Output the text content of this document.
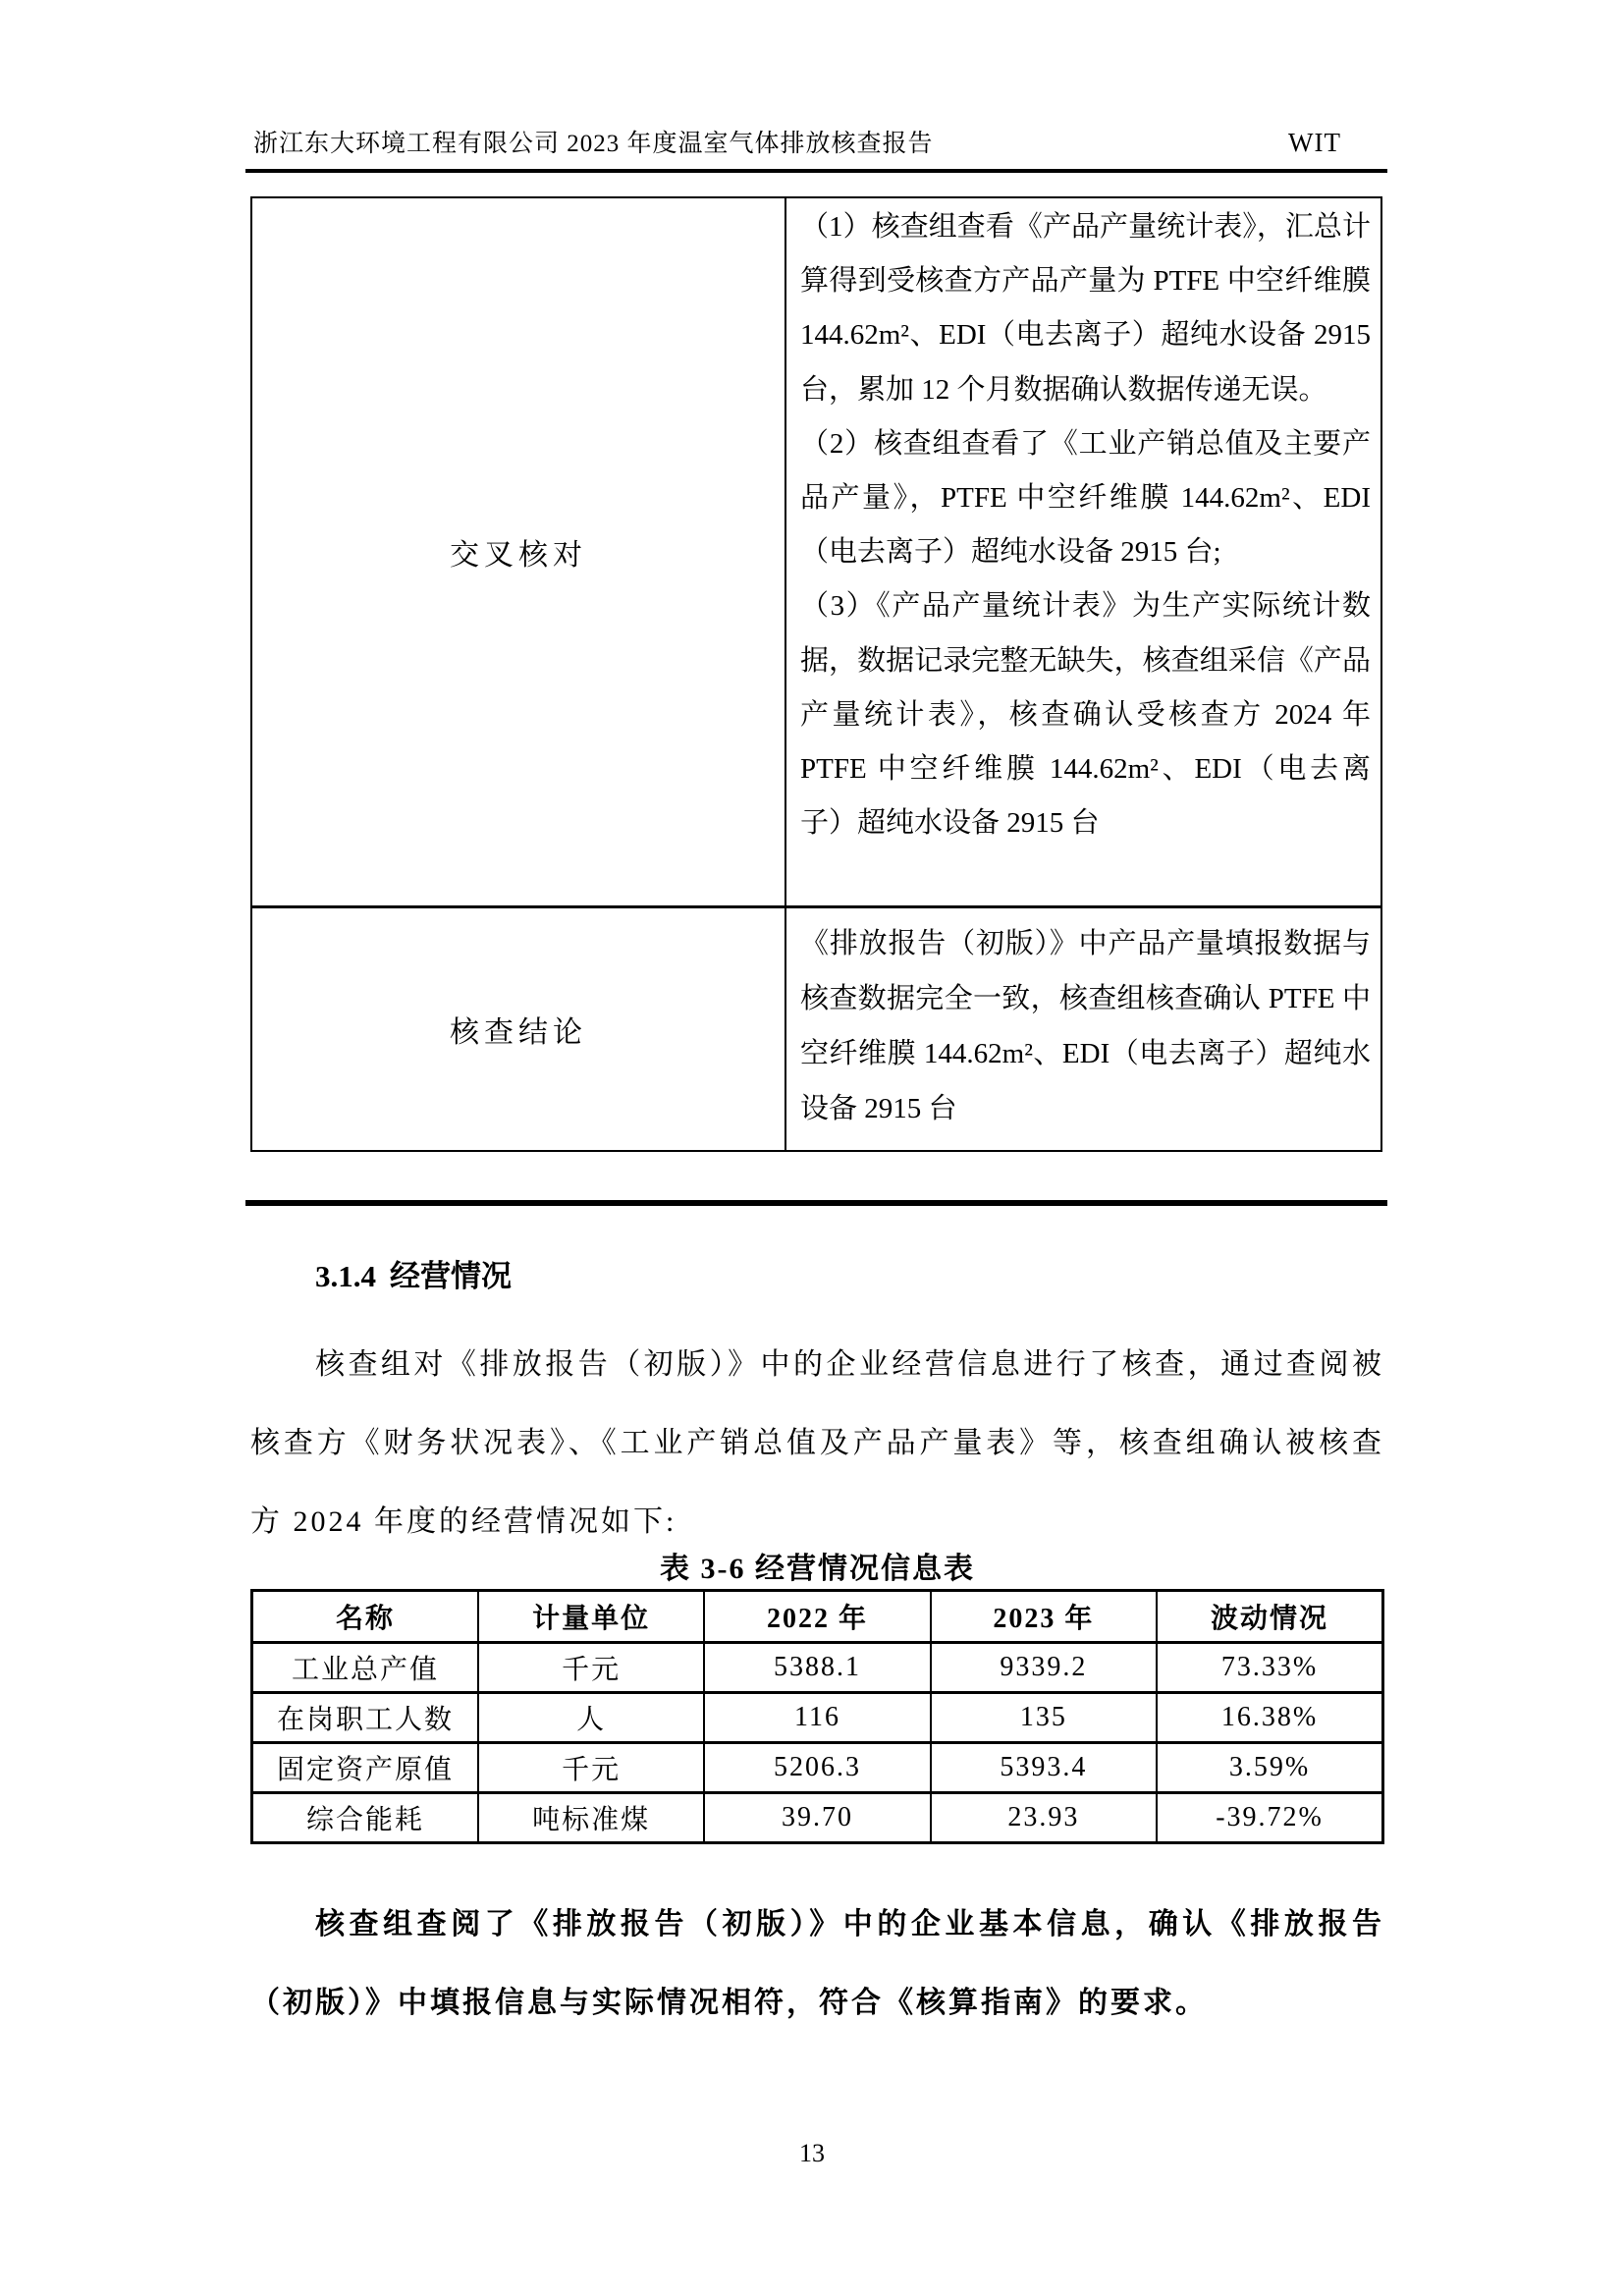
浙江东大环境工程有限公司 2023 年度温室气体排放核查报告	WIT
交叉核对	（1）核查组查看《产品产量统计表》，汇总计算得到受核查方产品产量为 PTFE 中空纤维膜 144.62m²、EDI（电去离子）超纯水设备 2915 台，累加 12 个月数据确认数据传递无误。

（2）核查组查看了《工业产销总值及主要产品产量》，PTFE 中空纤维膜 144.62m²、EDI（电去离子）超纯水设备 2915 台;

（3）《产品产量统计表》为生产实际统计数据，数据记录完整无缺失，核查组采信《产品产量统计表》，核查确认受核查方 2024 年 PTFE 中空纤维膜 144.62m²、EDI（电去离 子）超纯水设备 2915 台

核查结论	《排放报告（初版）》中产品产量填报数据与核查数据完全一致，核查组核查确认 PTFE 中空纤维膜 144.62m²、EDI（电去离子）超纯水设备 2915 台

3.1.4 经营情况

核查组对《排放报告（初版）》中的企业经营信息进行了核查，通过查阅被核查方《财务状况表》、《工业产销总值及产品产量表》等，核查组确认被核查方 2024 年度的经营情况如下:

表 3-6 经营情况信息表
名称	计量单位	2022 年	2023 年	波动情况
工业总产值	千元	5388.1	9339.2	73.33%
在岗职工人数	人	116	135	16.38%
固定资产原值	千元	5206.3	5393.4	3.59%
综合能耗	吨标准煤	39.70	23.93	-39.72%

核查组查阅了《排放报告（初版）》中的企业基本信息，确认《排放报告（初版）》中填报信息与实际情况相符，符合《核算指南》的要求。

13
